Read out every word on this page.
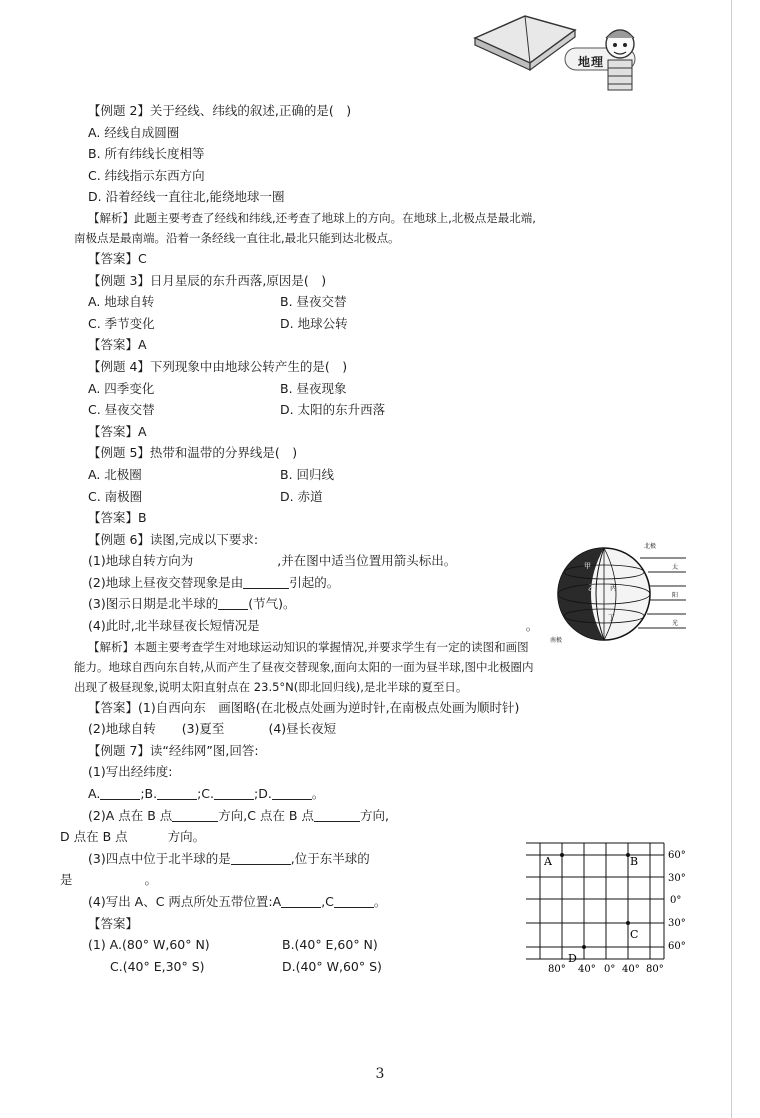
地理
【例题 2】关于经线、纬线的叙述,正确的是(　)
A. 经线自成圆圈
B. 所有纬线长度相等
C. 纬线指示东西方向
D. 沿着经线一直往北,能绕地球一圈
【解析】此题主要考查了经线和纬线,还考查了地球上的方向。在地球上,北极点是最北端,
南极点是最南端。沿着一条经线一直往北,最北只能到达北极点。
【答案】C
【例题 3】日月星辰的东升西落,原因是(　)
A. 地球自转	B. 昼夜交替
C. 季节变化	D. 地球公转
【答案】A
【例题 4】下列现象中由地球公转产生的是(　)
A. 四季变化	B. 昼夜现象
C. 昼夜交替	D. 太阳的东升西落
【答案】A
【例题 5】热带和温带的分界线是(　)
A. 北极圈	B. 回归线
C. 南极圈	D. 赤道
【答案】B
【例题 6】读图,完成以下要求:
(1)地球自转方向为	,并在图中适当位置用箭头标出。
(2)地球上昼夜交替现象是由	引起的。
(3)图示日期是北半球的 (节气)。
(4)此时,北半球昼夜长短情况是	。
【解析】本题主要考查学生对地球运动知识的掌握情况,并要求学生有一定的读图和画图
能力。地球自西向东自转,从而产生了昼夜交替现象,面向太阳的一面为昼半球,图中北极圈内
出现了极昼现象,说明太阳直射点在 23.5°N(即北回归线),是北半球的夏至日。
【答案】(1)自西向东　画图略(在北极点处画为逆时针,在南极点处画为顺时针)
(2)地球自转 (3)夏至	(4)昼长夜短
【例题 7】读“经纬网”图,回答:
(1)写出经纬度:
A.	;B.	;C.	;D.	。
(2)A 点在 B 点	方向,C 点在 B 点	方向,
D 点在 B 点	方向。
(3)四点中位于北半球的是	,位于东半球的
是	。
(4)写出 A、C 两点所处五带位置:A	,C	。
【答案】
(1) A.(80° W,60° N)	B.(40° E,60° N)
C.(40° E,30° S)	D.(40° W,60° S)
北极
南极
太
阳
光
甲
乙 丙
丁
60°
30°
0°
30°
60°
80° 40° 0° 40° 80°
A	B
C
D
3
